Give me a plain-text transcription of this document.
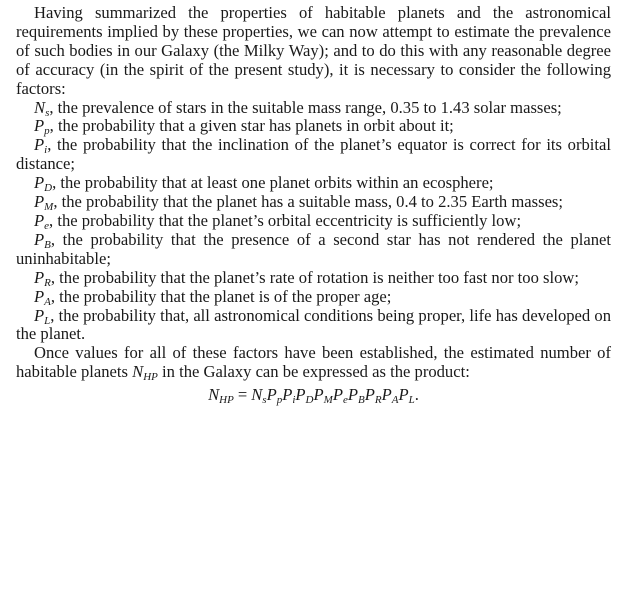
Having summarized the properties of habitable planets and the astronomical requirements implied by these properties, we can now attempt to estimate the prevalence of such bodies in our Galaxy (the Milky Way); and to do this with any reasonable degree of accuracy (in the spirit of the present study), it is necessary to consider the following factors:

$N_s$, the prevalence of stars in the suitable mass range, 0.35 to 1.43 solar masses;

$P_p$, the probability that a given star has planets in orbit about it;

$P_i$, the probability that the inclination of the planet’s equator is correct for its orbital distance;

$P_D$, the probability that at least one planet orbits within an ecosphere;

$P_M$, the probability that the planet has a suitable mass, 0.4 to 2.35 Earth masses;

$P_e$, the probability that the planet’s orbital eccentricity is sufficiently low;

$P_B$, the probability that the presence of a second star has not rendered the planet uninhabitable;

$P_R$, the probability that the planet’s rate of rotation is neither too fast nor too slow;

$P_A$, the probability that the planet is of the proper age;

$P_L$, the probability that, all astronomical conditions being proper, life has developed on the planet.

Once values for all of these factors have been established, the estimated number of habitable planets $N_{HP}$ in the Galaxy can be expressed as the product:

$N_{HP} = N_sP_pP_iP_DP_MP_eP_BP_RP_AP_L$.
